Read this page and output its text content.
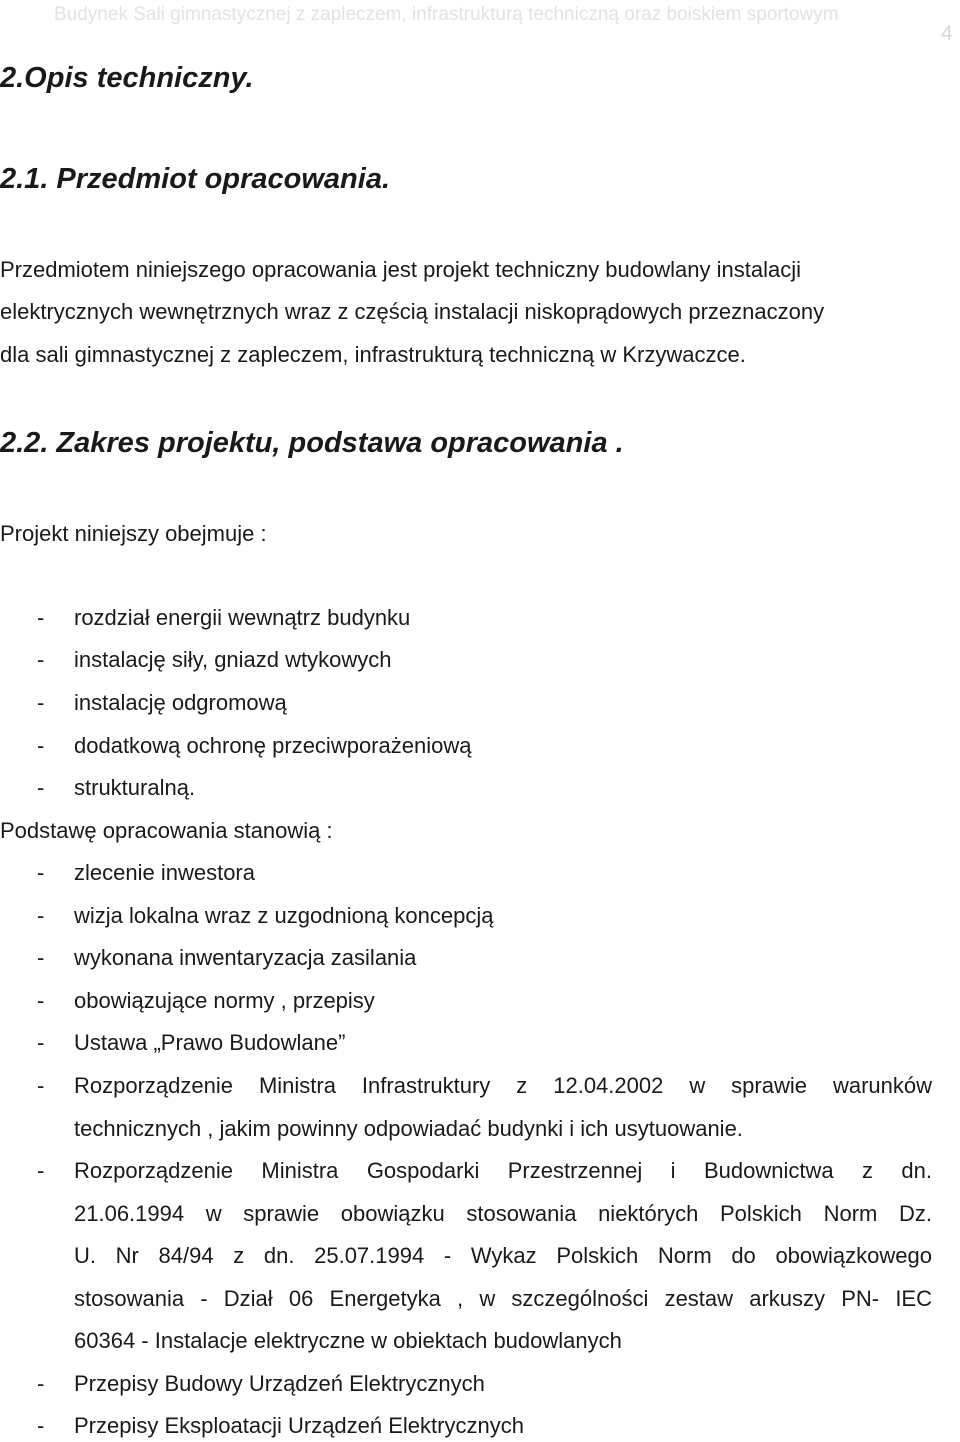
Budynek Sali gimnastycznej z zapleczem, infrastrukturą techniczną oraz boiskiem sportowym
4
2.Opis techniczny.
2.1. Przedmiot opracowania.
Przedmiotem niniejszego opracowania jest projekt techniczny budowlany instalacji
elektrycznych wewnętrznych wraz z częścią instalacji niskoprądowych przeznaczony
dla sali gimnastycznej z zapleczem, infrastrukturą techniczną w Krzywaczce.
2.2. Zakres projektu, podstawa opracowania .
Projekt niniejszy obejmuje :
- rozdział energii wewnątrz budynku
- instalację siły, gniazd wtykowych
- instalację odgromową
- dodatkową ochronę przeciwporażeniową
- strukturalną.
Podstawę opracowania stanowią :
- zlecenie inwestora
- wizja lokalna wraz z uzgodnioną koncepcją
- wykonana inwentaryzacja zasilania
- obowiązujące normy , przepisy
- Ustawa „Prawo Budowlane”
- Rozporządzenie Ministra Infrastruktury z 12.04.2002 w sprawie warunków
technicznych , jakim powinny odpowiadać budynki i ich usytuowanie.
- Rozporządzenie Ministra Gospodarki Przestrzennej i Budownictwa z dn.
21.06.1994 w sprawie obowiązku stosowania niektórych Polskich Norm Dz.
U. Nr 84/94 z dn. 25.07.1994 - Wykaz Polskich Norm do obowiązkowego
stosowania - Dział 06 Energetyka , w szczególności zestaw arkuszy PN- IEC
60364 - Instalacje elektryczne w obiektach budowlanych
- Przepisy Budowy Urządzeń Elektrycznych
- Przepisy Eksploatacji Urządzeń Elektrycznych
